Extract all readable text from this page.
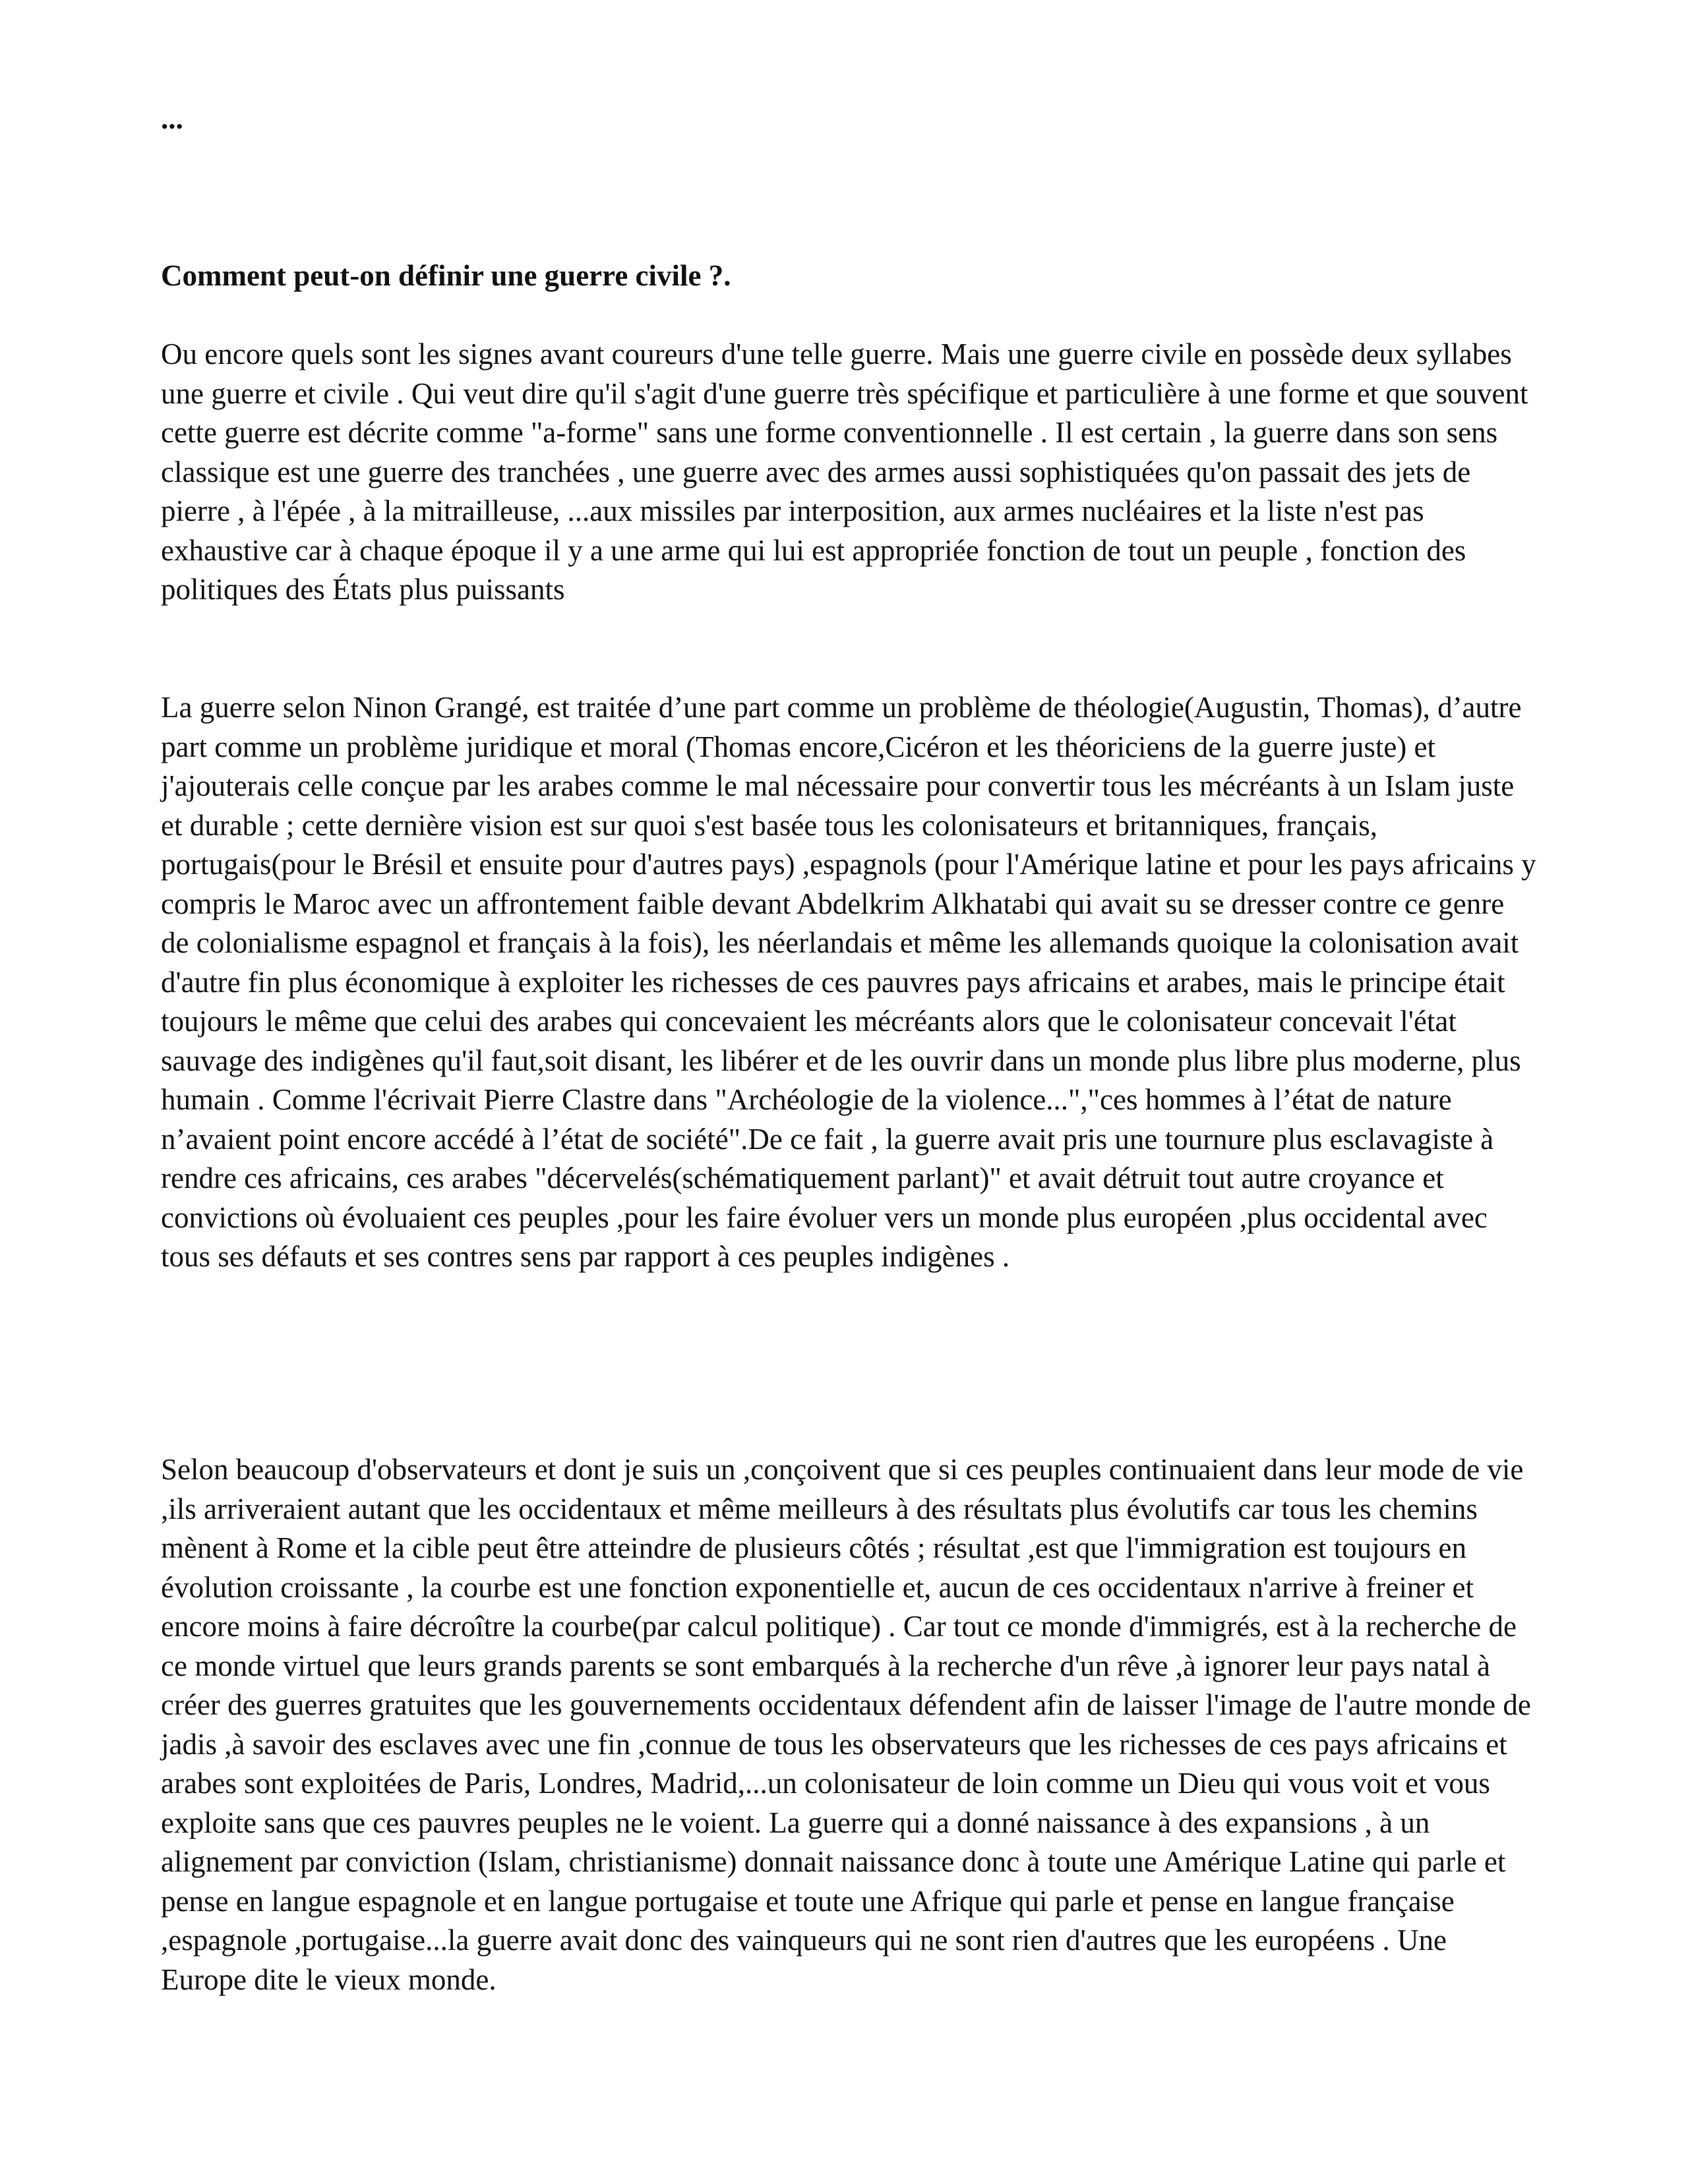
...

Comment peut-on définir une guerre civile ?.

Ou encore quels sont les signes avant coureurs d'une telle guerre. Mais une guerre civile en possède deux syllabes une guerre et civile . Qui veut dire qu'il s'agit d'une guerre très spécifique et particulière à une forme et que souvent cette guerre est décrite comme "a-forme" sans une forme conventionnelle . Il est certain , la guerre dans son sens classique est une guerre des tranchées , une guerre avec des armes aussi sophistiquées qu'on passait des jets de pierre , à l'épée , à la mitrailleuse, ...aux missiles par interposition, aux armes nucléaires et la liste n'est pas exhaustive car à chaque époque il y a une arme qui lui est appropriée fonction de tout un peuple , fonction des politiques des États plus puissants

La guerre selon Ninon Grangé, est traitée d’une part comme un problème de théologie(Augustin, Thomas), d’autre part comme un problème juridique et moral (Thomas encore,Cicéron et les théoriciens de la guerre juste) et j'ajouterais celle conçue par les arabes comme le mal nécessaire pour convertir tous les mécréants à un Islam juste et durable ; cette dernière vision est sur quoi s'est basée tous les colonisateurs et britanniques, français, portugais(pour le Brésil et ensuite pour d'autres pays) ,espagnols (pour l'Amérique latine et pour les pays africains y compris le Maroc avec un affrontement faible devant Abdelkrim Alkhatabi qui avait su se dresser contre ce genre de colonialisme espagnol et français à la fois), les néerlandais et même les allemands quoique la colonisation avait d'autre fin plus économique à exploiter les richesses de ces pauvres pays africains et arabes, mais le principe était toujours le même que celui des arabes qui concevaient les mécréants alors que le colonisateur concevait l'état sauvage des indigènes qu'il faut,soit disant, les libérer et de les ouvrir dans un monde plus libre plus moderne, plus humain . Comme l'écrivait Pierre Clastre dans "Archéologie de la violence...","ces hommes à l’état de nature n’avaient point encore accédé à l’état de société".De ce fait , la guerre avait pris une tournure plus esclavagiste à rendre ces africains, ces arabes "décervelés(schématiquement parlant)" et avait détruit tout autre croyance et convictions où évoluaient ces peuples ,pour les faire évoluer vers un monde plus européen ,plus occidental avec tous ses défauts et ses contres sens par rapport à ces peuples indigènes .

Selon beaucoup d'observateurs et dont je suis un ,conçoivent que si ces peuples continuaient dans leur mode de vie ,ils arriveraient autant que les occidentaux et même meilleurs à des résultats plus évolutifs car tous les chemins mènent à Rome et la cible peut être atteindre de plusieurs côtés ; résultat ,est que l'immigration est toujours en évolution croissante , la courbe est une fonction exponentielle et, aucun de ces occidentaux n'arrive à freiner et encore moins à faire décroître la courbe(par calcul politique) . Car tout ce monde d'immigrés, est à la recherche de ce monde virtuel que leurs grands parents se sont embarqués à la recherche d'un rêve ,à ignorer leur pays natal à créer des guerres gratuites que les gouvernements occidentaux défendent afin de laisser l'image de l'autre monde de jadis ,à savoir des esclaves avec une fin ,connue de tous les observateurs que les richesses de ces pays africains et arabes sont exploitées de Paris, Londres, Madrid,...un colonisateur de loin comme un Dieu qui vous voit et vous exploite sans que ces pauvres peuples ne le voient. La guerre qui a donné naissance à des expansions , à un alignement par conviction (Islam, christianisme) donnait naissance donc à toute une Amérique Latine qui parle et pense en langue espagnole et en langue portugaise et toute une Afrique qui parle et pense en langue française ,espagnole ,portugaise...la guerre avait donc des vainqueurs qui ne sont rien d'autres que les européens . Une Europe dite le vieux monde.
